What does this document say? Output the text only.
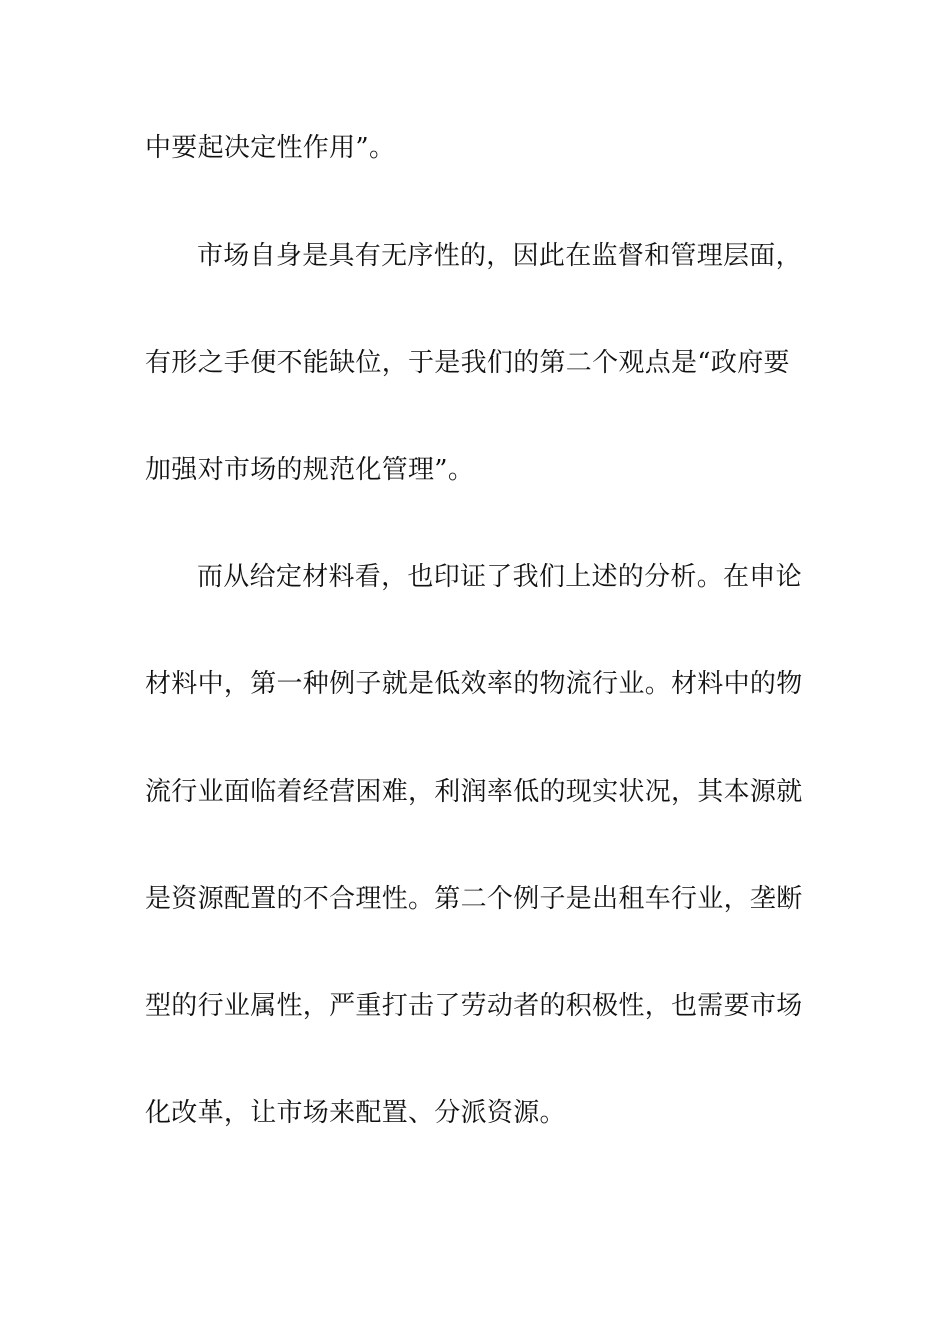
中要起决定性作用”。
市场自身是具有无序性的，因此在监督和管理层面，
有形之手便不能缺位，于是我们的第二个观点是“政府要
加强对市场的规范化管理”。
而从给定材料看，也印证了我们上述的分析。在申论
材料中，第一种例子就是低效率的物流行业。材料中的物
流行业面临着经营困难，利润率低的现实状况，其本源就
是资源配置的不合理性。第二个例子是出租车行业，垄断
型的行业属性，严重打击了劳动者的积极性，也需要市场
化改革，让市场来配置、分派资源。
